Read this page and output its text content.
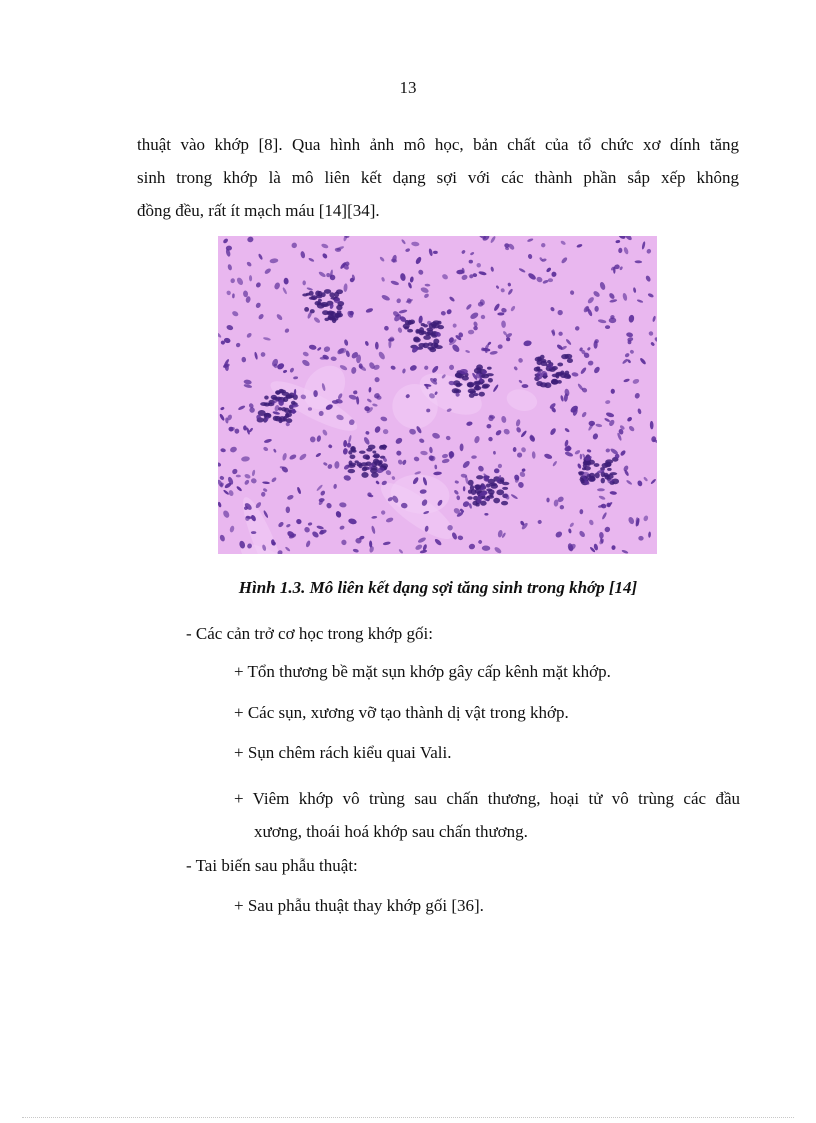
13
thuật vào khớp [8]. Qua hình ảnh mô học, bản chất của tổ chức xơ dính tăng
sinh trong khớp là mô liên kết dạng sợi với các thành phần sắp xếp không
đồng đều, rất ít mạch máu [14][34].
Hình 1.3. Mô liên kết dạng sợi tăng sinh trong khớp [14]
- Các cản trở cơ học trong khớp gối:
+ Tổn thương bề mặt sụn khớp gây cấp kênh mặt khớp.
+ Các sụn, xương vỡ tạo thành dị vật trong khớp.
+ Sụn chêm rách kiểu quai Vali.
+ Viêm khớp vô trùng sau chấn thương, hoại tử vô trùng các đầu
xương, thoái hoá khớp sau chấn thương.
- Tai biến sau phẫu thuật:
+ Sau phẫu thuật thay khớp gối [36].
